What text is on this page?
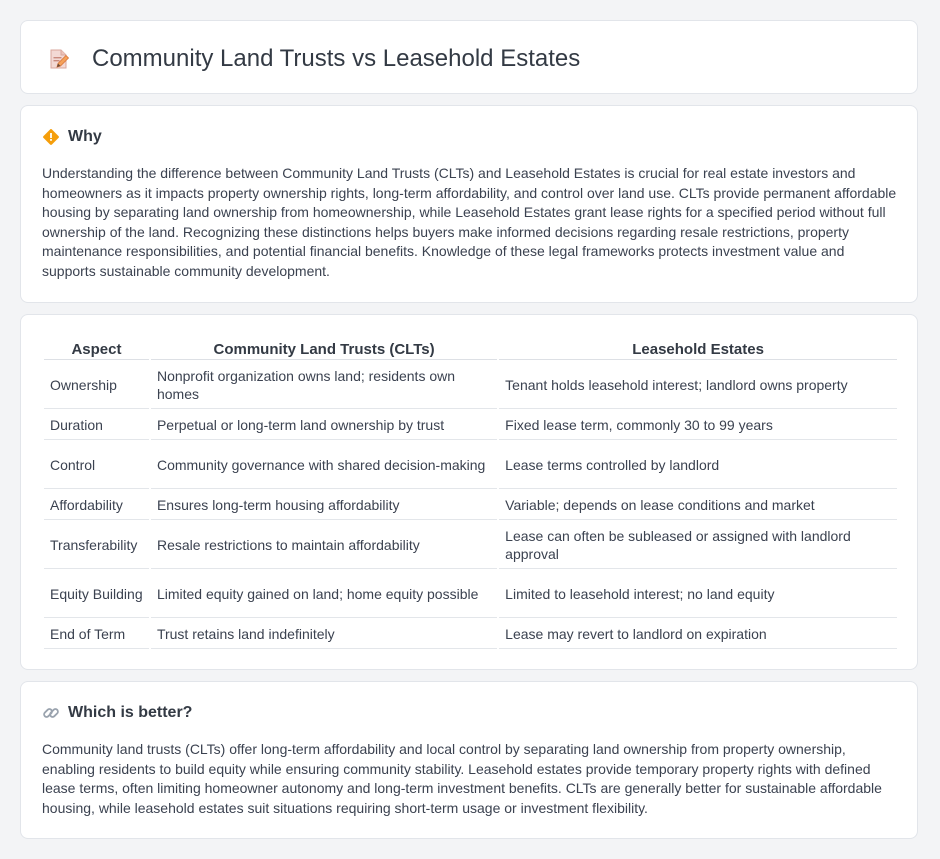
Community Land Trusts vs Leasehold Estates
Why

Understanding the difference between Community Land Trusts (CLTs) and Leasehold Estates is crucial for real estate investors and homeowners as it impacts property ownership rights, long-term affordability, and control over land use. CLTs provide permanent affordable housing by separating land ownership from homeownership, while Leasehold Estates grant lease rights for a specified period without full ownership of the land. Recognizing these distinctions helps buyers make informed decisions regarding resale restrictions, property maintenance responsibilities, and potential financial benefits. Knowledge of these legal frameworks protects investment value and supports sustainable community development.

Aspect	Community Land Trusts (CLTs)	Leasehold Estates
Ownership	Nonprofit organization owns land; residents own homes	Tenant holds leasehold interest; landlord owns property
Duration	Perpetual or long-term land ownership by trust	Fixed lease term, commonly 30 to 99 years
Control	Community governance with shared decision-making	Lease terms controlled by landlord
Affordability	Ensures long-term housing affordability	Variable; depends on lease conditions and market
Transferability	Resale restrictions to maintain affordability	Lease can often be subleased or assigned with landlord approval
Equity Building	Limited equity gained on land; home equity possible	Limited to leasehold interest; no land equity
End of Term	Trust retains land indefinitely	Lease may revert to landlord on expiration
Which is better?

Community land trusts (CLTs) offer long-term affordability and local control by separating land ownership from property ownership, enabling residents to build equity while ensuring community stability. Leasehold estates provide temporary property rights with defined lease terms, often limiting homeowner autonomy and long-term investment benefits. CLTs are generally better for sustainable affordable housing, while leasehold estates suit situations requiring short-term usage or investment flexibility.
